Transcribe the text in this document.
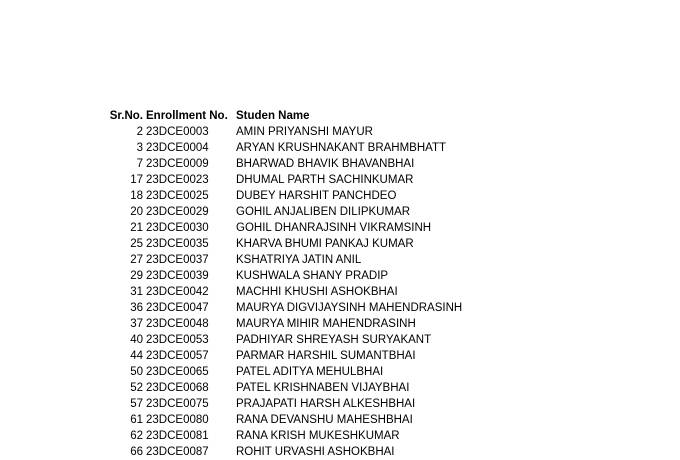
Sr.No. Enrollment No. Studen Name
2 23DCE0003 AMIN PRIYANSHI MAYUR
3 23DCE0004 ARYAN KRUSHNAKANT BRAHMBHATT
7 23DCE0009 BHARWAD BHAVIK BHAVANBHAI
17 23DCE0023 DHUMAL PARTH SACHINKUMAR
18 23DCE0025 DUBEY HARSHIT PANCHDEO
20 23DCE0029 GOHIL ANJALIBEN DILIPKUMAR
21 23DCE0030 GOHIL DHANRAJSINH VIKRAMSINH
25 23DCE0035 KHARVA BHUMI PANKAJ KUMAR
27 23DCE0037 KSHATRIYA JATIN ANIL
29 23DCE0039 KUSHWALA SHANY PRADIP
31 23DCE0042 MACHHI KHUSHI ASHOKBHAI
36 23DCE0047 MAURYA DIGVIJAYSINH MAHENDRASINH
37 23DCE0048 MAURYA MIHIR MAHENDRASINH
40 23DCE0053 PADHIYAR SHREYASH SURYAKANT
44 23DCE0057 PARMAR HARSHIL SUMANTBHAI
50 23DCE0065 PATEL ADITYA MEHULBHAI
52 23DCE0068 PATEL KRISHNABEN VIJAYBHAI
57 23DCE0075 PRAJAPATI HARSH ALKESHBHAI
61 23DCE0080 RANA DEVANSHU MAHESHBHAI
62 23DCE0081 RANA KRISH MUKESHKUMAR
66 23DCE0087 ROHIT URVASHI ASHOKBHAI
